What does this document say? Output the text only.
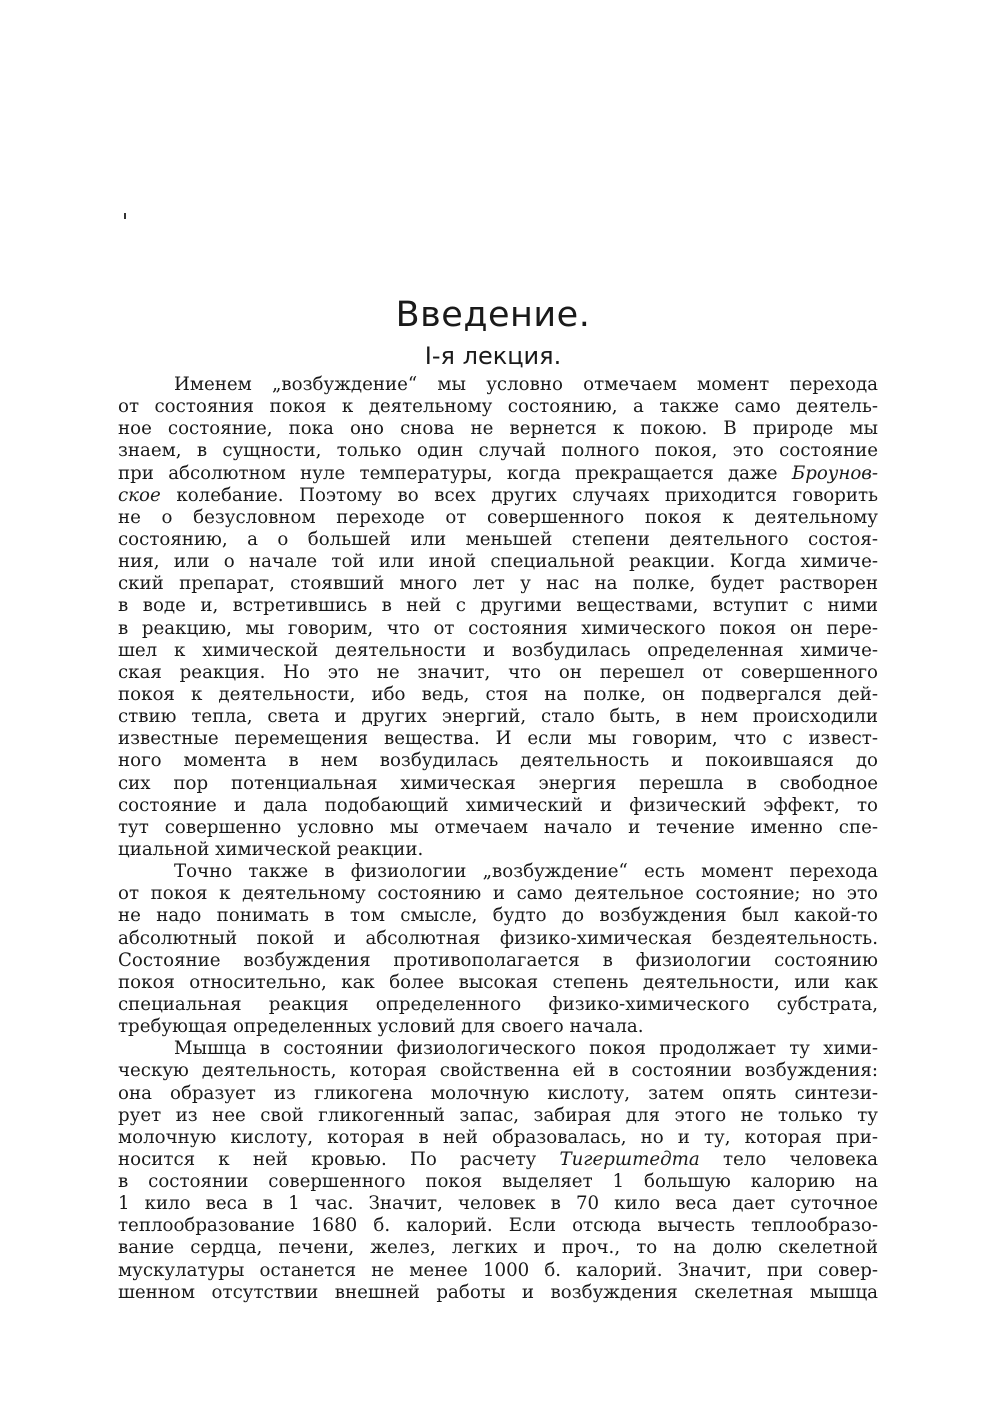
Введение.
I-я лекция.
Именем „возбуждение“ мы условно отмечаем момент перехода
от состояния покоя к деятельному состоянию, а также само деятель-
ное состояние, пока оно снова не вернется к покою. В природе мы
знаем, в сущности, только один случай полного покоя, это состояние
при абсолютном нуле температуры, когда прекращается даже Броунов-
ское колебание. Поэтому во всех других случаях приходится говорить
не о безусловном переходе от совершенного покоя к деятельному
состоянию, а о большей или меньшей степени деятельного состоя-
ния, или о начале той или иной специальной реакции. Когда химиче-
ский препарат, стоявший много лет у нас на полке, будет растворен
в воде и, встретившись в ней с другими веществами, вступит с ними
в реакцию, мы говорим, что от состояния химического покоя он пере-
шел к химической деятельности и возбудилась определенная химиче-
ская реакция. Но это не значит, что он перешел от совершенного
покоя к деятельности, ибо ведь, стоя на полке, он подвергался дей-
ствию тепла, света и других энергий, стало быть, в нем происходили
известные перемещения вещества. И если мы говорим, что с извест-
ного момента в нем возбудилась деятельность и покоившаяся до
сих пор потенциальная химическая энергия перешла в свободное
состояние и дала подобающий химический и физический эффект, то
тут совершенно условно мы отмечаем начало и течение именно спе-
циальной химической реакции.
Точно также в физиологии „возбуждение“ есть момент перехода
от покоя к деятельному состоянию и само деятельное состояние; но это
не надо понимать в том смысле, будто до возбуждения был какой-то
абсолютный покой и абсолютная физико-химическая бездеятельность.
Состояние возбуждения противополагается в физиологии состоянию
покоя относительно, как более высокая степень деятельности, или как
специальная реакция определенного физико-химического субстрата,
требующая определенных условий для своего начала.
Мышца в состоянии физиологического покоя продолжает ту хими-
ческую деятельность, которая свойственна ей в состоянии возбуждения:
она образует из гликогена молочную кислоту, затем опять синтези-
рует из нее свой гликогенный запас, забирая для этого не только ту
молочную кислоту, которая в ней образовалась, но и ту, которая при-
носится к ней кровью. По расчету Тигерштедта тело человека
в состоянии совершенного покоя выделяет 1 большую калорию на
1 кило веса в 1 час. Значит, человек в 70 кило веса дает суточное
теплообразование 1680 б. калорий. Если отсюда вычесть теплообразо-
вание сердца, печени, желез, легких и проч., то на долю скелетной
мускулатуры останется не менее 1000 б. калорий. Значит, при совер-
шенном отсутствии внешней работы и возбуждения скелетная мышца
